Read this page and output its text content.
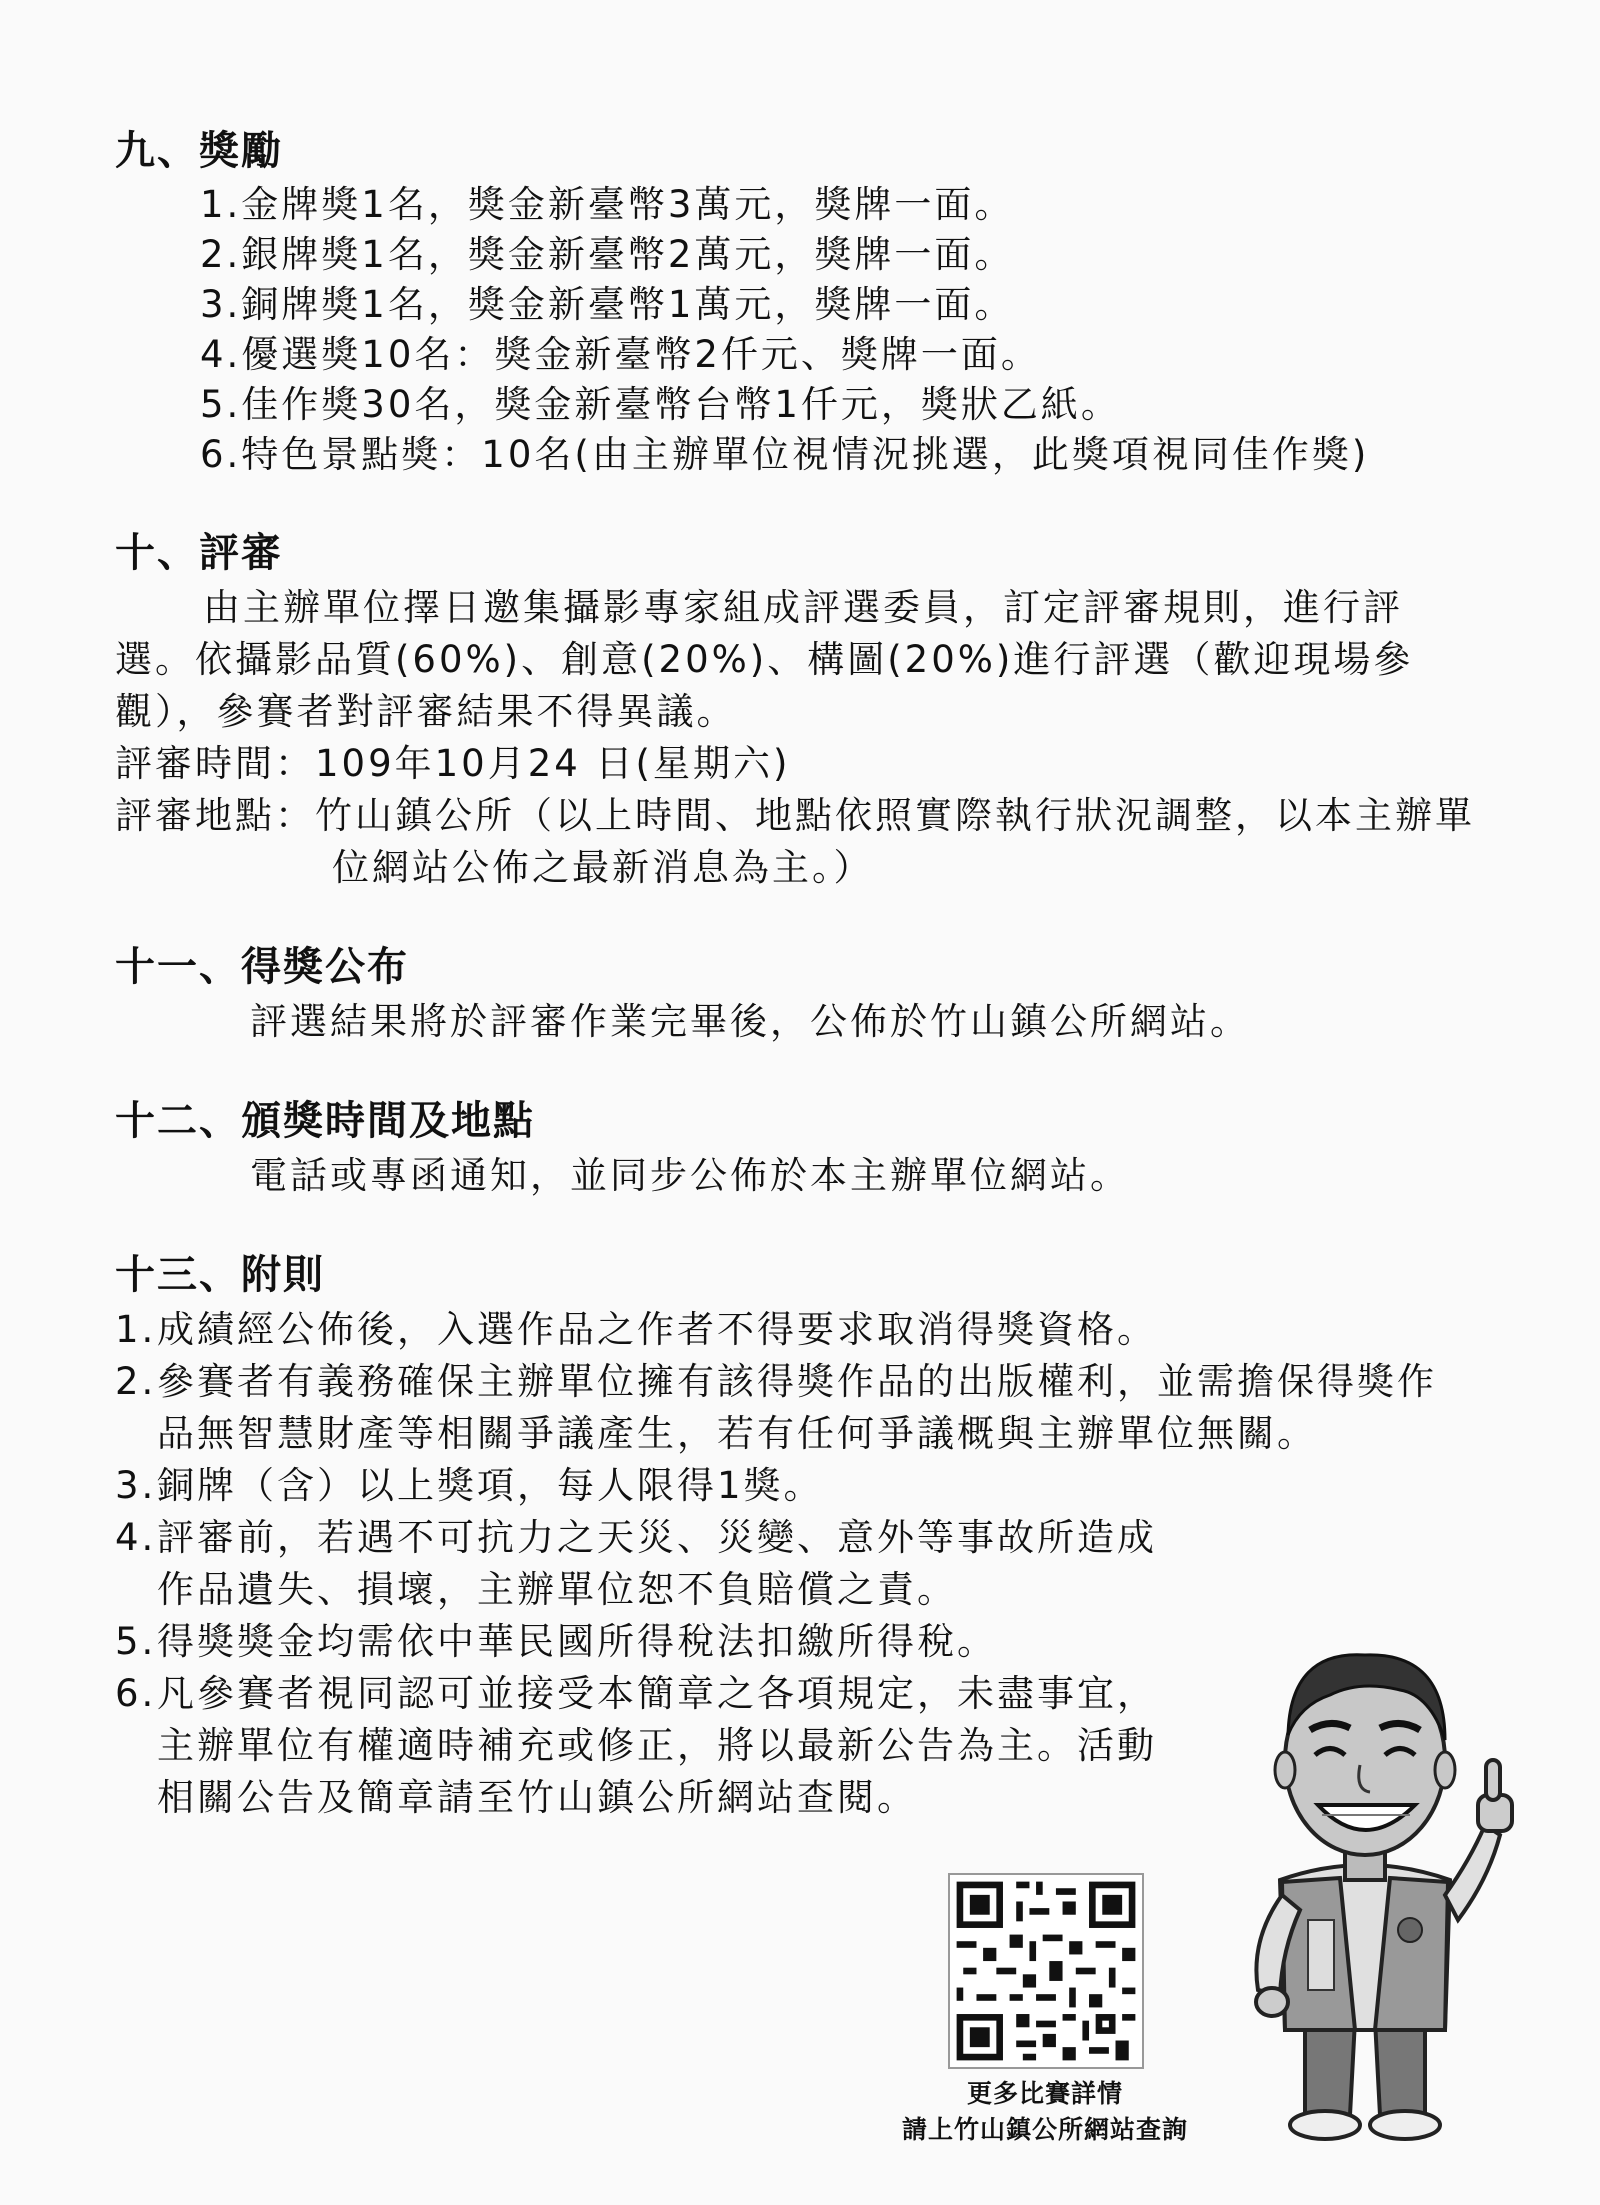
九、獎勵
1.金牌獎1名，獎金新臺幣3萬元，獎牌一面。
2.銀牌獎1名，獎金新臺幣2萬元，獎牌一面。
3.銅牌獎1名，獎金新臺幣1萬元，獎牌一面。
4.優選獎10名：獎金新臺幣2仟元、獎牌一面。
5.佳作獎30名，獎金新臺幣台幣1仟元，獎狀乙紙。
6.特色景點獎：10名(由主辦單位視情況挑選，此獎項視同佳作獎)
十、評審

由主辦單位擇日邀集攝影專家組成評選委員，訂定評審規則，進行評選。依攝影品質(60%)、創意(20%)、構圖(20%)進行評選（歡迎現場參觀），參賽者對評審結果不得異議。

評審時間：109年10月24 日(星期六)

評審地點：竹山鎮公所（以上時間、地點依照實際執行狀況調整，以本主辦單位網站公佈之最新消息為主。）

十一、得獎公布

評選結果將於評審作業完畢後，公佈於竹山鎮公所網站。

十二、頒獎時間及地點

電話或專函通知，並同步公佈於本主辦單位網站。

十三、附則
1. 成績經公佈後，入選作品之作者不得要求取消得獎資格。
2. 參賽者有義務確保主辦單位擁有該得獎作品的出版權利，並需擔保得獎作品無智慧財產等相關爭議產生，若有任何爭議概與主辦單位無關。
3. 銅牌（含）以上獎項，每人限得1獎。
4. 評審前，若遇不可抗力之天災、災變、意外等事故所造成作品遺失、損壞，主辦單位恕不負賠償之責。
5. 得獎獎金均需依中華民國所得稅法扣繳所得稅。
6. 凡參賽者視同認可並接受本簡章之各項規定，未盡事宜，主辦單位有權適時補充或修正，將以最新公告為主。活動相關公告及簡章請至竹山鎮公所網站查閱。
更多比賽詳情
請上竹山鎮公所網站查詢
